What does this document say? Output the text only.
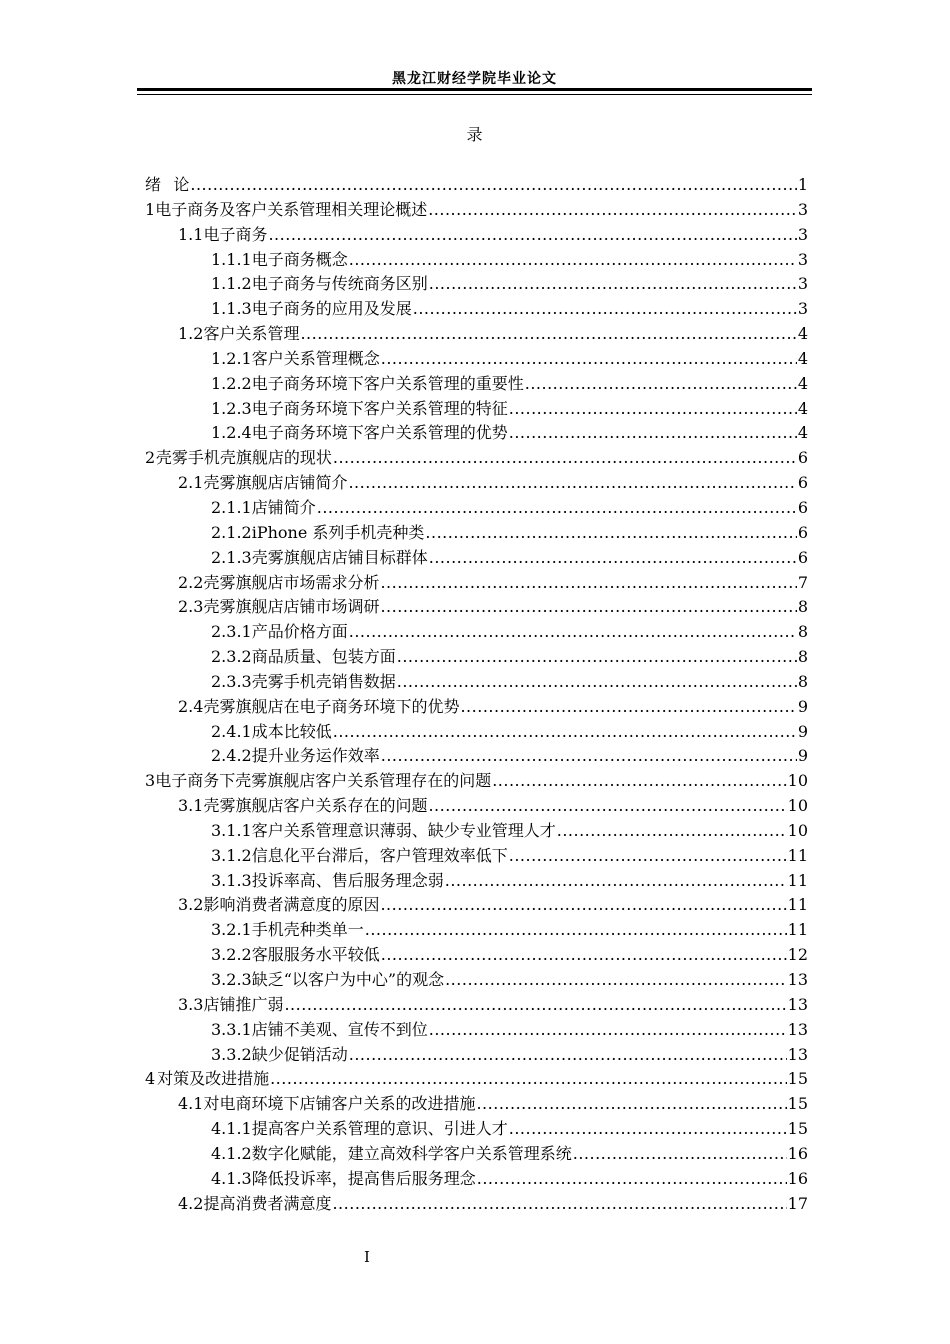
黑龙江财经学院毕业论文
录
绪 论 .....	1
1 电子商务及客户关系管理相关理论概述 .....	3
1.1 电子商务 .....	3
1.1.1 电子商务概念 .....	3
1.1.2 电子商务与传统商务区别 .....	3
1.1.3 电子商务的应用及发展 .....	3
1.2 客户关系管理 .....	4
1.2.1 客户关系管理概念 .....	4
1.2.2 电子商务环境下客户关系管理的重要性 .....	4
1.2.3 电子商务环境下客户关系管理的特征 .....	4
1.2.4 电子商务环境下客户关系管理的优势 .....	4
2 壳雾手机壳旗舰店的现状 .....	6
2.1 壳雾旗舰店店铺简介 .....	6
2.1.1 店铺简介 .....	6
2.1.2 iPhone 系列手机壳种类 .....	6
2.1.3 壳雾旗舰店店铺目标群体 .....	6
2.2 壳雾旗舰店市场需求分析 .....	7
2.3 壳雾旗舰店店铺市场调研 .....	8
2.3.1 产品价格方面 .....	8
2.3.2 商品质量、包装方面 .....	8
2.3.3 壳雾手机壳销售数据 .....	8
2.4 壳雾旗舰店在电子商务环境下的优势 .....	9
2.4.1 成本比较低 .....	9
2.4.2 提升业务运作效率 .....	9
3 电子商务下壳雾旗舰店客户关系管理存在的问题 .....	10
3.1 壳雾旗舰店客户关系存在的问题 .....	10
3.1.1 客户关系管理意识薄弱、缺少专业管理人才 .....	10
3.1.2 信息化平台滞后，客户管理效率低下 .....	11
3.1.3 投诉率高、售后服务理念弱 .....	11
3.2 影响消费者满意度的原因 .....	11
3.2.1 手机壳种类单一 .....	11
3.2.2 客服服务水平较低 .....	12
3.2.3 缺乏“以客户为中心”的观念 .....	13
3.3 店铺推广弱 .....	13
3.3.1 店铺不美观、宣传不到位 .....	13
3.3.2 缺少促销活动 .....	13
4 对策及改进措施 .....	15
4.1 对电商环境下店铺客户关系的改进措施 .....	15
4.1.1 提高客户关系管理的意识、引进人才 .....	15
4.1.2 数字化赋能，建立高效科学客户关系管理系统 .....	16
4.1.3 降低投诉率，提高售后服务理念 .....	16
4.2 提高消费者满意度 .....	17
I
